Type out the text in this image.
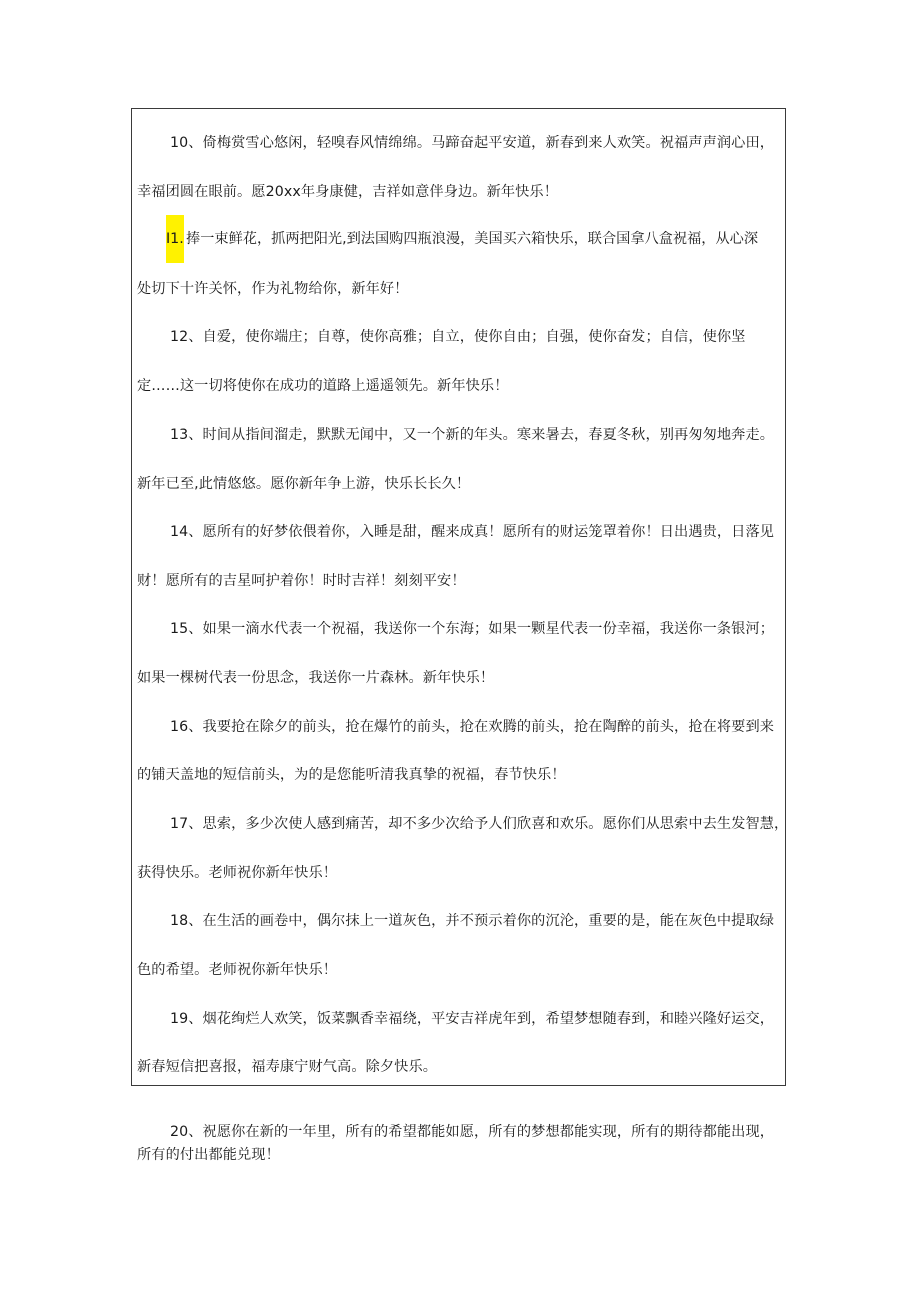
10、倚梅赏雪心悠闲，轻嗅春风情绵绵。马蹄奋起平安道，新春到来人欢笑。祝福声声润心田，
幸福团圆在眼前。愿20xx年身康健，吉祥如意伴身边。新年快乐！
I1. 捧一束鲜花，抓两把阳光,到法国购四瓶浪漫，美国买六箱快乐，联合国拿八盒祝福，从心深
处切下十许关怀，作为礼物给你，新年好！
12、自爱，使你端庄；自尊，使你高雅；自立，使你自由；自强，使你奋发；自信，使你坚
定……这一切将使你在成功的道路上遥遥领先。新年快乐！
13、时间从指间溜走，默默无闻中，又一个新的年头。寒来暑去，春夏冬秋，别再匆匆地奔走。
新年已至,此情悠悠。愿你新年争上游，快乐长长久！
14、愿所有的好梦依偎着你，入睡是甜，醒来成真！愿所有的财运笼罩着你！日出遇贵，日落见
财！愿所有的吉星呵护着你！时时吉祥！刻刻平安！
15、如果一滴水代表一个祝福，我送你一个东海；如果一颗星代表一份幸福，我送你一条银河；
如果一棵树代表一份思念，我送你一片森林。新年快乐！
16、我要抢在除夕的前头，抢在爆竹的前头，抢在欢腾的前头，抢在陶醉的前头，抢在将要到来
的铺天盖地的短信前头，为的是您能听清我真挚的祝福，春节快乐！
17、思索，多少次使人感到痛苦，却不多少次给予人们欣喜和欢乐。愿你们从思索中去生发智慧，
获得快乐。老师祝你新年快乐！
18、在生活的画卷中，偶尔抹上一道灰色，并不预示着你的沉沦，重要的是，能在灰色中提取绿
色的希望。老师祝你新年快乐！
19、烟花绚烂人欢笑，饭菜飘香幸福绕，平安吉祥虎年到，希望梦想随春到，和睦兴隆好运交，
新春短信把喜报，福寿康宁财气高。除夕快乐。
20、祝愿你在新的一年里，所有的希望都能如愿，所有的梦想都能实现，所有的期待都能出现，
所有的付出都能兑现！
